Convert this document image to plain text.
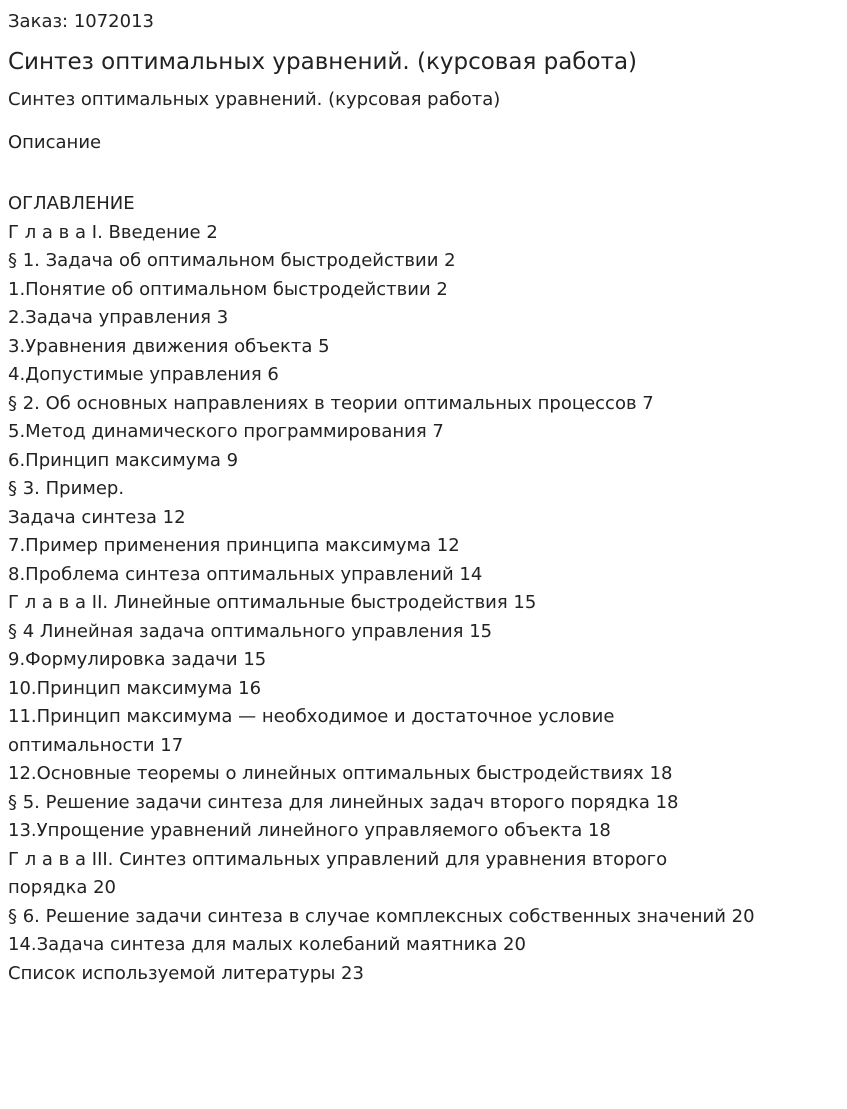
Заказ: 1072013
Синтез оптимальных уравнений. (курсовая работа)
Синтез оптимальных уравнений. (курсовая работа)
Описание
ОГЛАВЛЕНИЕ
Г л а в а I. Введение 2
§ 1. Задача об оптимальном быстродействии 2
1.Понятие об оптимальном быстродействии 2
2.Задача управления 3
3.Уравнения движения объекта 5
4.Допустимые управления 6
§ 2. Об основных направлениях в теории оптимальных процессов 7
5.Метод динамического программирования 7
6.Принцип максимума 9
§ 3. Пример.
Задача синтеза 12
7.Пример применения принципа максимума 12
8.Проблема синтеза оптимальных управлений 14
Г л а в а II. Линейные оптимальные быстродействия 15
§ 4 Линейная задача оптимального управления 15
9.Формулировка задачи 15
10.Принцип максимума 16
11.Принцип максимума — необходимое и достаточное условие
оптимальности 17
12.Основные теоремы о линейных оптимальных быстродействиях 18
§ 5. Решение задачи синтеза для линейных задач второго порядка 18
13.Упрощение уравнений линейного управляемого объекта 18
Г л а в а III. Синтез оптимальных управлений для уравнения второго
порядка 20
§ 6. Решение задачи синтеза в случае комплексных собственных значений 20
14.Задача синтеза для малых колебаний маятника 20
Список используемой литературы 23
